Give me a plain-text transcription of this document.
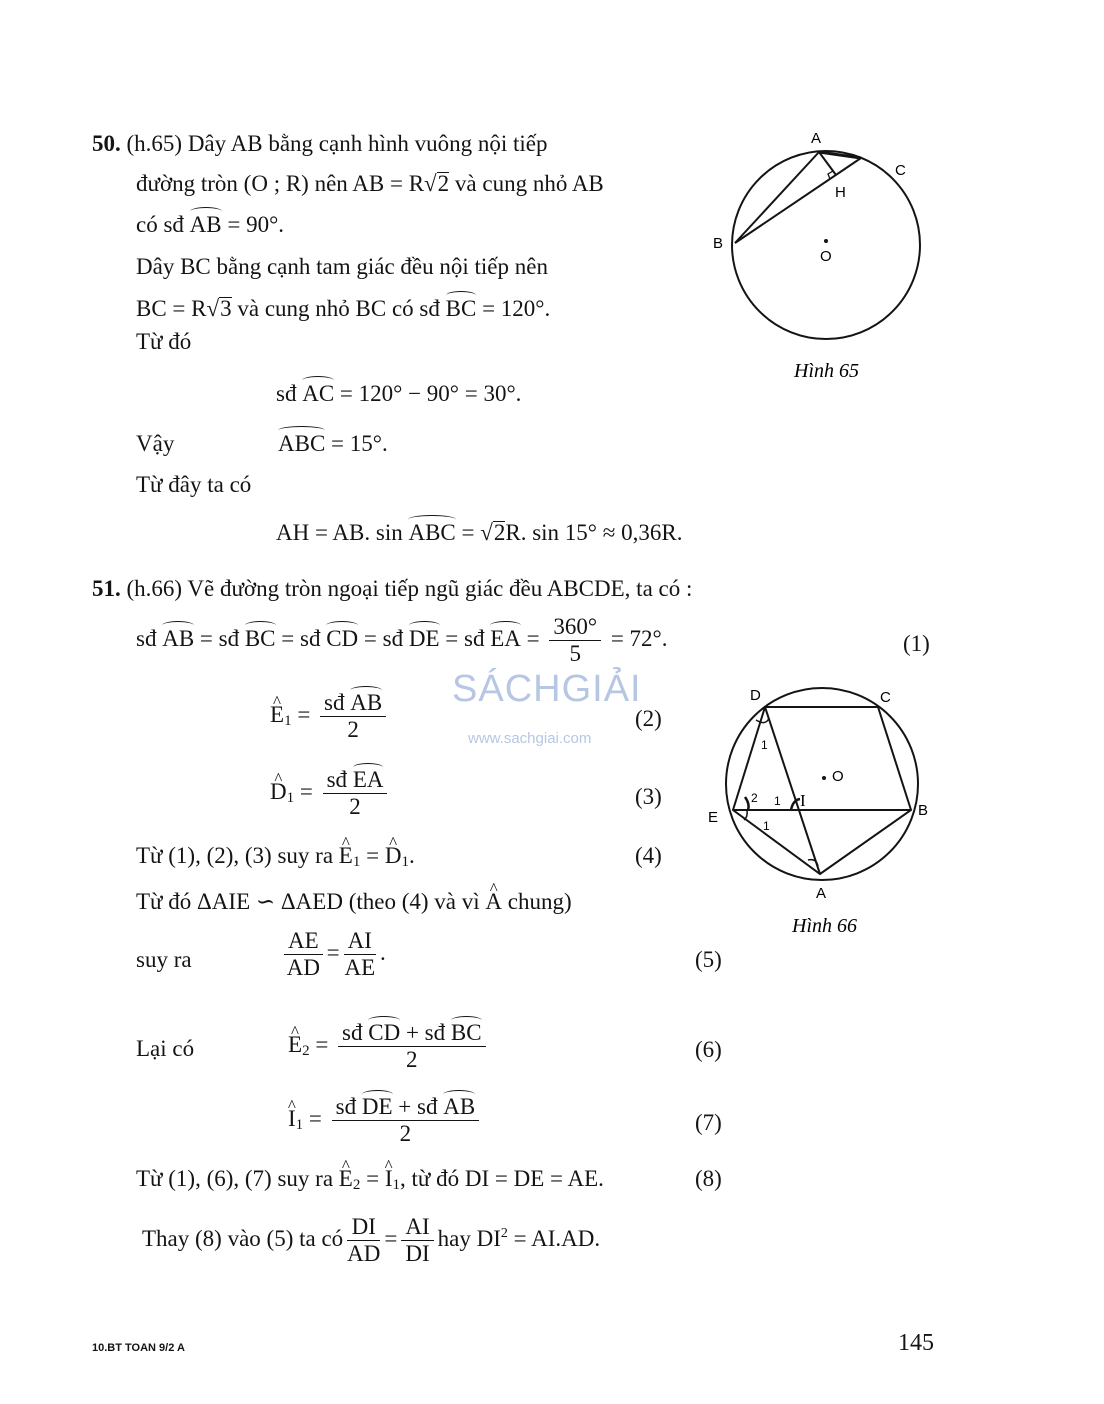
50. (h.65) Dây AB bằng cạnh hình vuông nội tiếp
đường tròn (O ; R) nên AB = R√2 và cung nhỏ AB
có sđ AB = 90°.
Dây BC bằng cạnh tam giác đều nội tiếp nên
BC = R√3 và cung nhỏ BC có sđ BC = 120°.
Từ đó
sđ AC = 120° − 90° = 30°.
Vậy	ABC = 15°.
Từ đây ta có
AH = AB. sin ABC = √2R. sin 15° ≈ 0,36R.
A
B
C
H
O
Hình 65
51. (h.66) Vẽ đường tròn ngoại tiếp ngũ giác đều ABCDE, ta có :
sđ AB = sđ BC = sđ CD = sđ DE = sđ EA = $\frac{360^\circ}{5} = 72^\circ$.	(1)
SÁCHGIẢI
www.sachgiai.com
^ $E_1 = \frac{\text{sđ AB}}{2}$	(2)
^ $D_1 = \frac{\text{sđ EA}}{2}$	(3)
Từ (1), (2), (3) suy ra ^ $E_1$ = ^ $D_1$.	(4)
Từ đó ΔAIE ∽ ΔAED (theo (4) và vì ^ A chung)
suy ra	$\frac{AE}{AD} = \frac{AI}{AE}$ .	(5)
Lại có
^	$E_2 = \frac{\text{sđ CD + sđ BC}}{2}$	(6)
^ $I_1 = \frac{\text{sđ DE + sđ AB}}{2}$	(7)
Từ (1), (6), (7) suy ra ^ $E_2$ = ^ $I_1$, từ đó DI = DE = AE.	(8)
Thay (8) vào (5) ta có $\frac{DI}{AD} = \frac{AI}{DI}$ hay $DI^2 = AI.AD$.
D	C
B
E
A
I
O
1
2
1
1
Hình 66
10.BT TOAN 9/2 A	145
